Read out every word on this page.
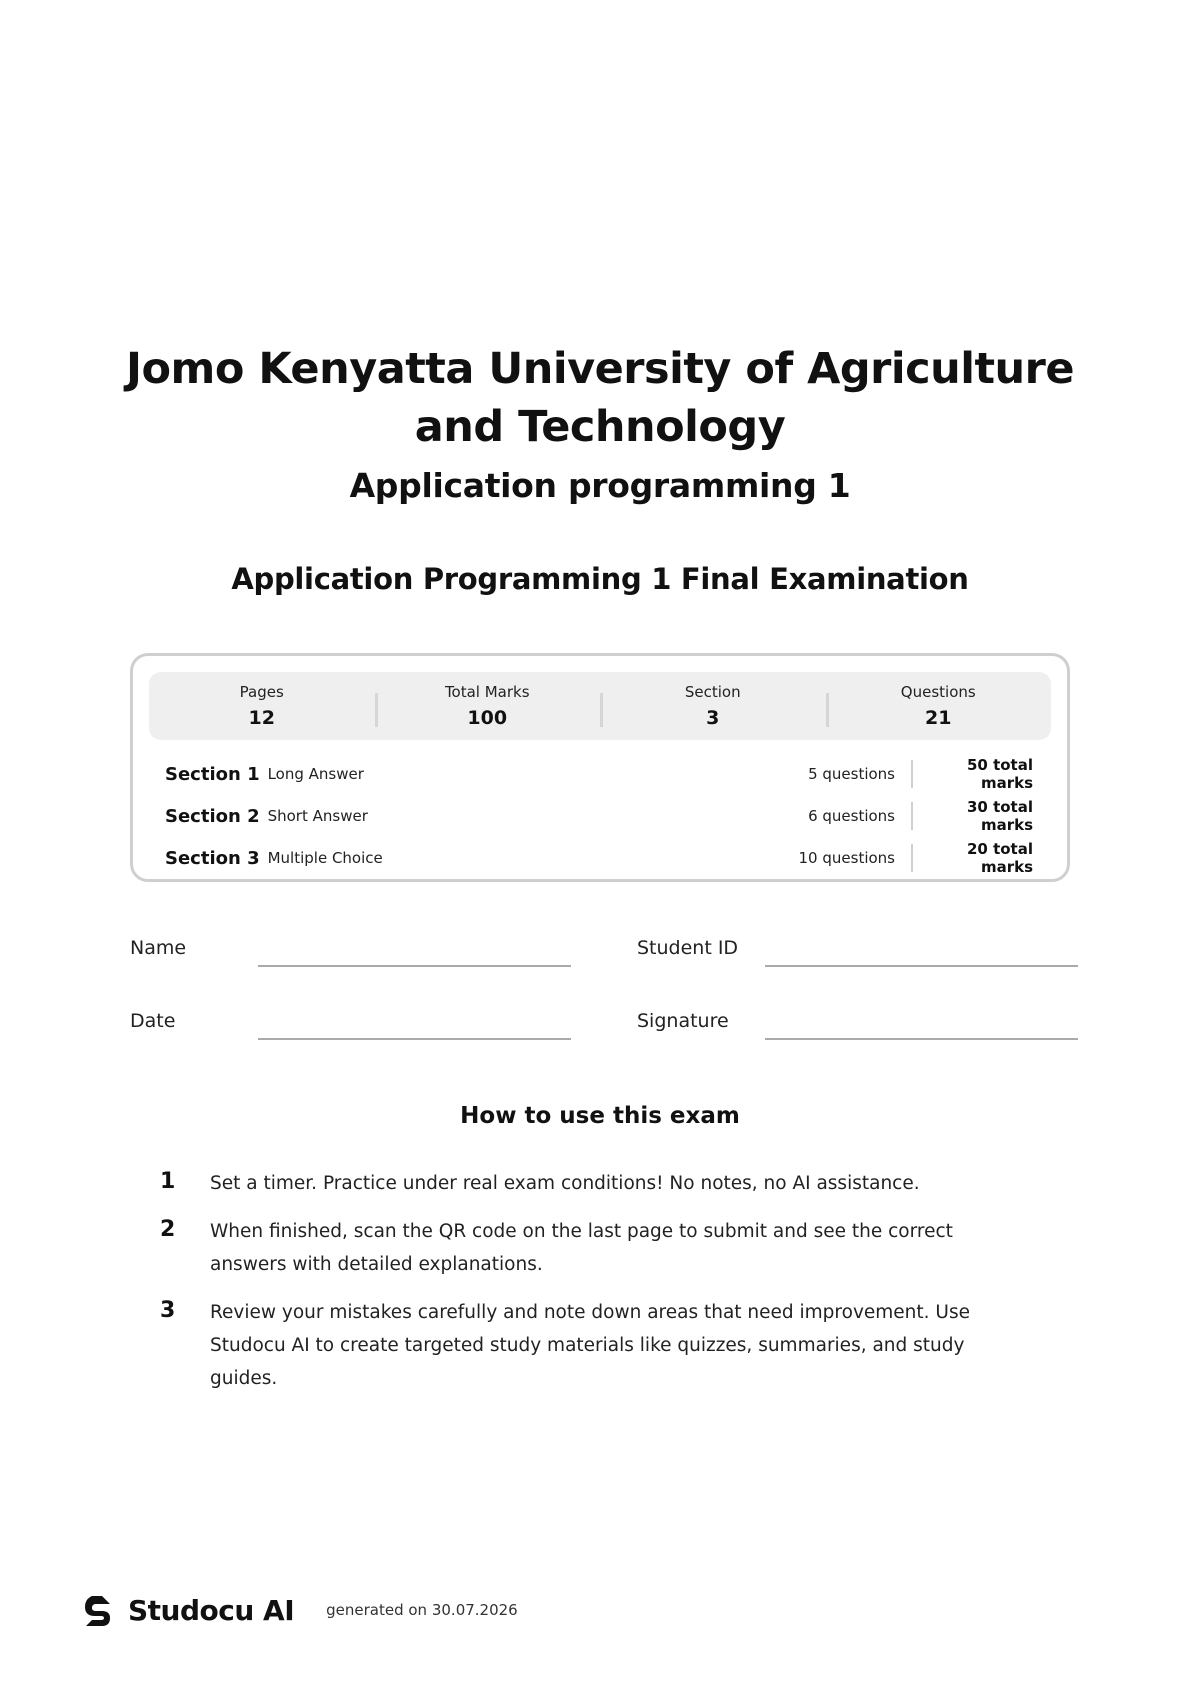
Jomo Kenyatta University of Agriculture and Technology
Application programming 1
Application Programming 1 Final Examination
Pages
12
Total Marks
100
Section
3
Questions
21
Section 1 Long Answer	5 questions	50 total marks
Section 2 Short Answer	6 questions	30 total marks
Section 3 Multiple Choice	10 questions	20 total marks
Name	Student ID
Date	Signature
How to use this exam
1 Set a timer. Practice under real exam conditions! No notes, no AI assistance.
2 When finished, scan the QR code on the last page to submit and see the correct answers with detailed explanations.
3 Review your mistakes carefully and note down areas that need improvement. Use Studocu AI to create targeted study materials like quizzes, summaries, and study guides.
Studocu AI generated on 30.07.2026
